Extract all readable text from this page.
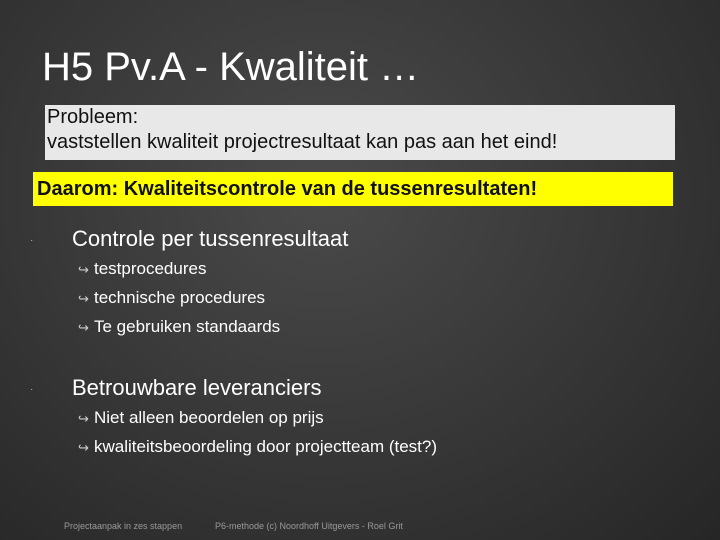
H5 Pv.A - Kwaliteit …
Probleem:
vaststellen kwaliteit projectresultaat kan pas aan het eind!
Daarom: Kwaliteitscontrole van de tussenresultaten!
· Controle per tussenresultaat
↪ testprocedures
↪ technische procedures
↪ Te gebruiken standaards
· Betrouwbare leveranciers
↪ Niet alleen beoordelen op prijs
↪ kwaliteitsbeoordeling door projectteam (test?)
Projectaanpak in zes stappen	P6-methode (c) Noordhoff Uitgevers - Roel Grit
